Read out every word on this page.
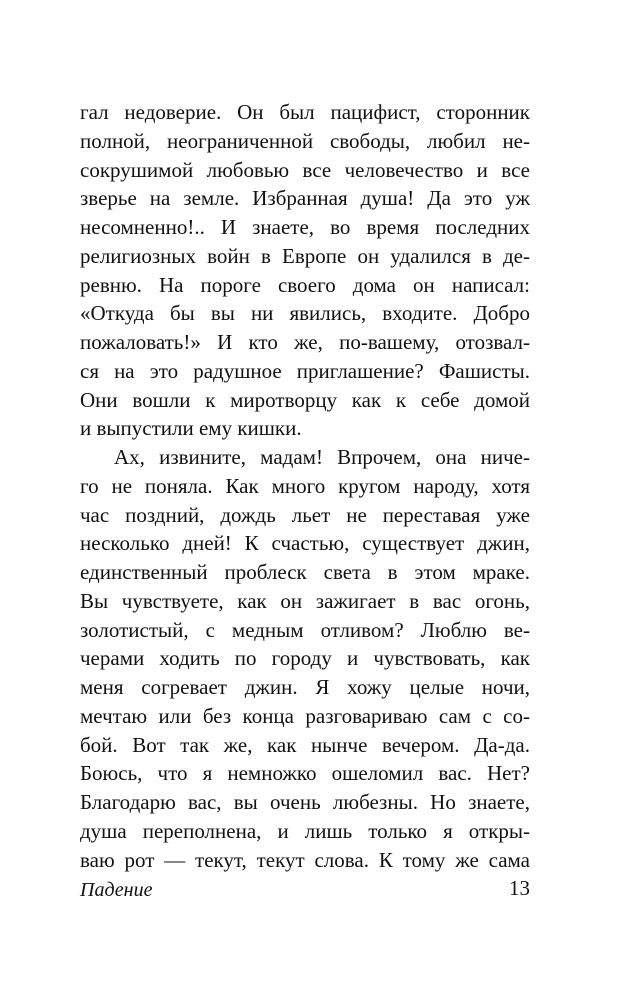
гал недоверие. Он был пацифист, сторонник
полной, неограниченной свободы, любил не-
сокрушимой любовью все человечество и все
зверье на земле. Избранная душа! Да это уж
несомненно!.. И знаете, во время последних
религиозных войн в Европе он удалился в де-
ревню. На пороге своего дома он написал:
«Откуда бы вы ни явились, входите. Добро
пожаловать!» И кто же, по-вашему, отозвал-
ся на это радушное приглашение? Фашисты.
Они вошли к миротворцу как к себе домой
и выпустили ему кишки.
Ах, извините, мадам! Впрочем, она ниче-
го не поняла. Как много кругом народу, хотя
час поздний, дождь льет не переставая уже
несколько дней! К счастью, существует джин,
единственный проблеск света в этом мраке.
Вы чувствуете, как он зажигает в вас огонь,
золотистый, с медным отливом? Люблю ве-
черами ходить по городу и чувствовать, как
меня согревает джин. Я хожу целые ночи,
мечтаю или без конца разговариваю сам с со-
бой. Вот так же, как нынче вечером. Да-да.
Боюсь, что я немножко ошеломил вас. Нет?
Благодарю вас, вы очень любезны. Но знаете,
душа переполнена, и лишь только я откры-
ваю рот — текут, текут слова. К тому же сама
Падение	13
